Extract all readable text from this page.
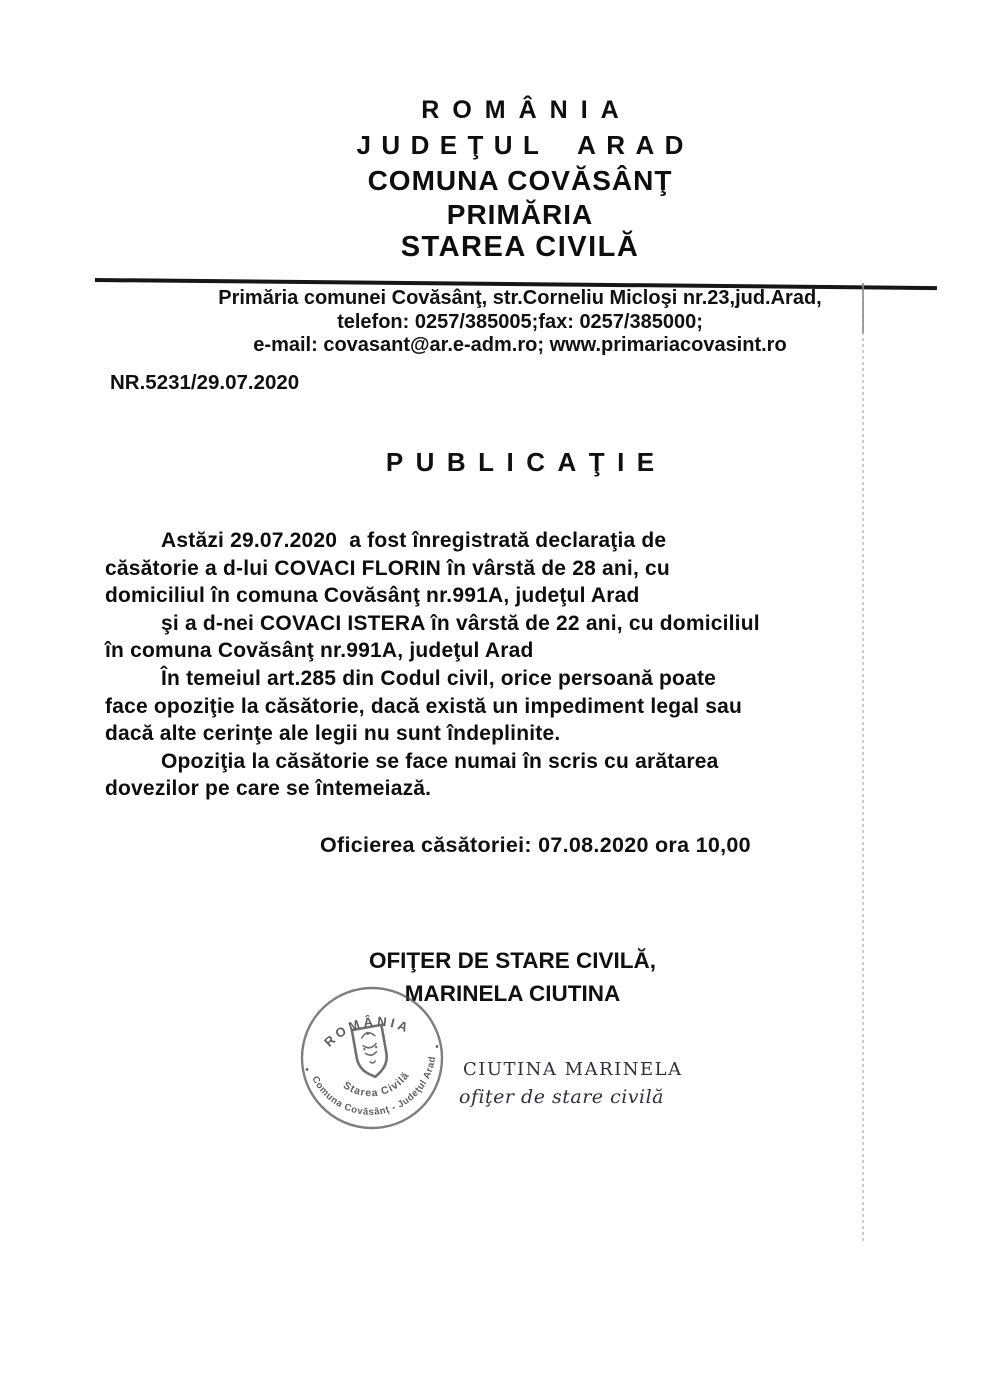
ROMÂNIA
JUDEŢUL ARAD
COMUNA COVĂSÂNŢ
PRIMĂRIA
STAREA CIVILĂ
Primăria comunei Covăsânţ, str.Corneliu Micloşi nr.23,jud.Arad,
telefon: 0257/385005;fax: 0257/385000;
e-mail: covasant@ar.e-adm.ro; www.primariacovasint.ro
NR.5231/29.07.2020
PUBLICAŢIE
Astăzi 29.07.2020  a fost înregistrată declaraţia de
căsătorie a d-lui COVACI FLORIN în vârstă de 28 ani, cu
domiciliul în comuna Covăsânţ nr.991A, judeţul Arad
şi a d-nei COVACI ISTERA în vârstă de 22 ani, cu domiciliul
în comuna Covăsânţ nr.991A, judeţul Arad
În temeiul art.285 din Codul civil, orice persoană poate
face opoziţie la căsătorie, dacă există un impediment legal sau
dacă alte cerinţe ale legii nu sunt îndeplinite.
Opoziţia la căsătorie se face numai în scris cu arătarea
dovezilor pe care se întemeiază.
Oficierea căsătoriei: 07.08.2020 ora 10,00
OFIŢER DE STARE CIVILĂ,
MARINELA CIUTINA
ROMÂNIA
Starea Civilă
Comuna Covăsânţ - Judeţul Arad	CIUTINA MARINELA
ofiţer de stare civilă
